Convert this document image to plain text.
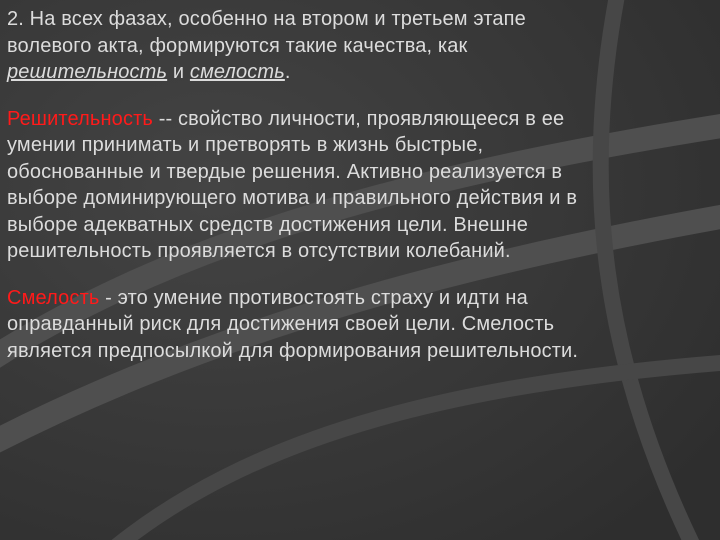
2. На всех фазах, особенно на втором и третьем этапе
волевого акта, формируются такие качества, как
решительность и смелость.

Решительность -- свойство личности, проявляющееся в ее
умении принимать и претворять в жизнь быстрые,
обоснованные и твердые решения. Активно реализуется в
выборе доминирующего мотива и правильного действия и в
выборе адекватных средств достижения цели. Внешне
решительность проявляется в отсутствии колебаний.

Смелость - это умение противостоять страху и идти на
оправданный риск для достижения своей цели. Смелость
является предпосылкой для формирования решительности.
